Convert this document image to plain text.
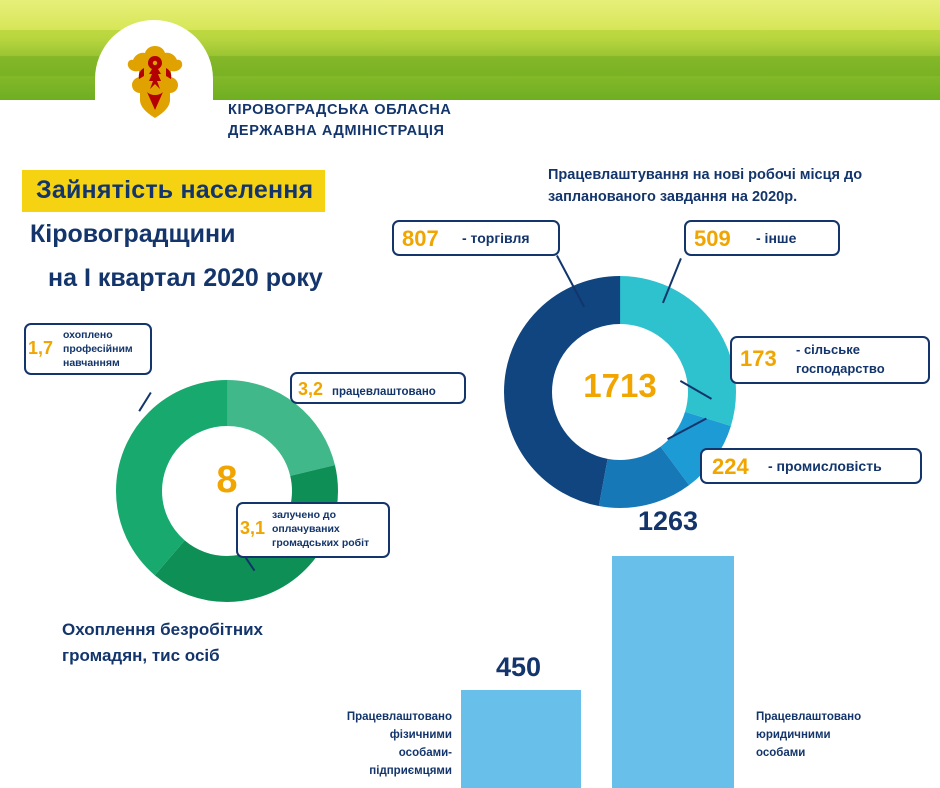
КІРОВОГРАДСЬКА ОБЛАСНА
ДЕРЖАВНА АДМІНІСТРАЦІЯ
Зайнятість населення
Кіровоградщини
на I квартал 2020 року
Працевлаштування на нові робочі місця до
запланованого завдання на 2020р.
8
1,7
охоплено професійним навчанням
3,2 працевлаштовано
3,1
залучено до оплачуваних громадських робіт
Охоплення безробітних
громадян, тис осіб
1713
807 - торгівля	509 - інше
173 - сільське
господарство
224 - промисловість
450
Працевлаштовано
фізичними
особами-підприємцями
1263
Працевлаштовано
юридичними
особами
